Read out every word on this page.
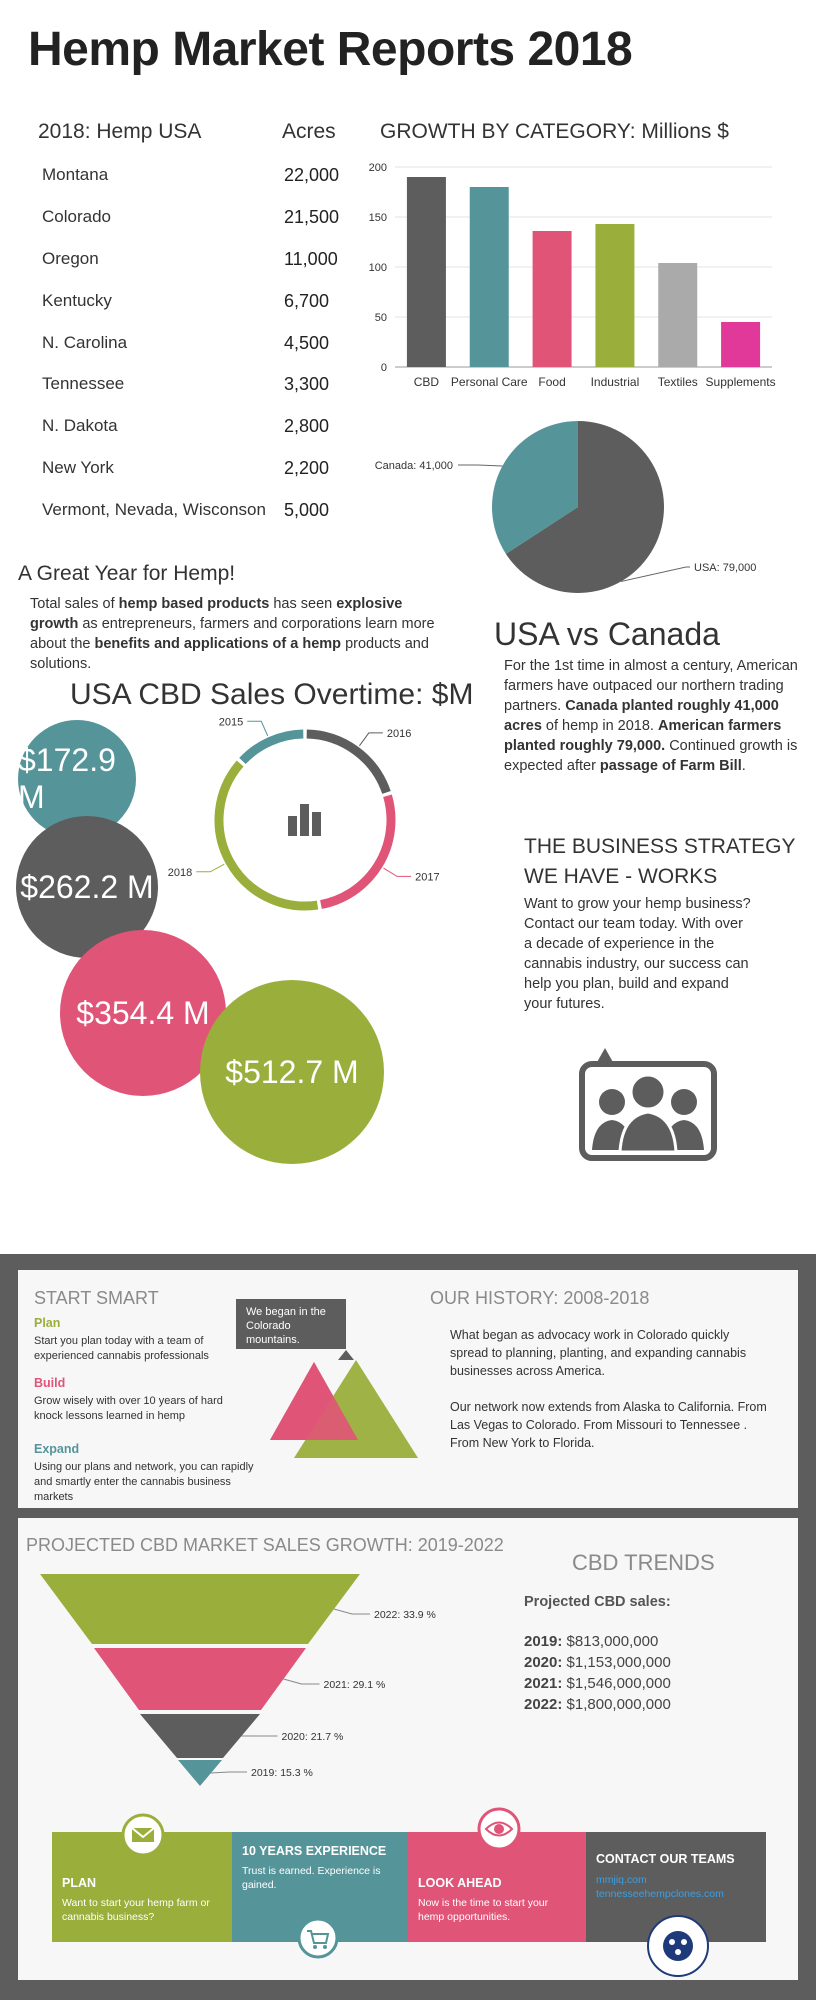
Hemp Market Reports 2018
2018: Hemp USA	Acres
Montana	22,000
Colorado	21,500
Oregon	11,000
Kentucky	6,700
N. Carolina	4,500
Tennessee	3,300
N. Dakota	2,800
New York	2,200
Vermont, Nevada, Wisconson 5,000
GROWTH BY CATEGORY: Millions $
0
50
100
150
200
CBD Personal Care Food Industrial Textiles Supplements
Canada: 41,000
USA: 79,000
A Great Year for Hemp!
Total sales of hemp based products has seen explosive growth as entrepreneurs, farmers and corporations learn more about the benefits and applications of a hemp products and solutions.
USA vs Canada
For the 1st time in almost a century, American farmers have outpaced our northern trading partners. Canada planted roughly 41,000 acres of hemp in 2018. American farmers planted roughly 79,000. Continued growth is expected after passage of Farm Bill.
USA CBD Sales Overtime: $M
$172.9 M
$262.2 M
$354.4 M
$512.7 M
2015
2016
2017
2018
THE BUSINESS STRATEGY
WE HAVE - WORKS
Want to grow your hemp business? Contact our team today. With over a decade of experience in the cannabis industry, our success can help you plan, build and expand your futures.
START SMART
Plan
Start you plan today with a team of experienced cannabis professionals
Build
Grow wisely with over 10 years of hard knock lessons learned in hemp
Expand
Using our plans and network, you can rapidly and smartly enter the cannabis business markets
We began in the Colorado mountains.
OUR HISTORY: 2008-2018
What began as advocacy work in Colorado quickly spread to planning, planting, and expanding cannabis businesses across America.
Our network now extends from Alaska to California. From Las Vegas to Colorado. From Missouri to Tennessee . From New York to Florida.
PROJECTED CBD MARKET SALES GROWTH: 2019-2022
2022: 33.9 %
2021: 29.1 %
2020: 21.7 %
2019: 15.3 %
CBD TRENDS
Projected CBD sales:
2019: $813,000,000
2020: $1,153,000,000
2021: $1,546,000,000
2022: $1,800,000,000
PLAN
Want to start your hemp farm or cannabis business?
10 YEARS EXPERIENCE
Trust is earned. Experience is gained.	LOOK AHEAD
Now is the time to start your hemp opportunities.
CONTACT OUR TEAMS
mmjiq.com
tennesseehempclones.com
